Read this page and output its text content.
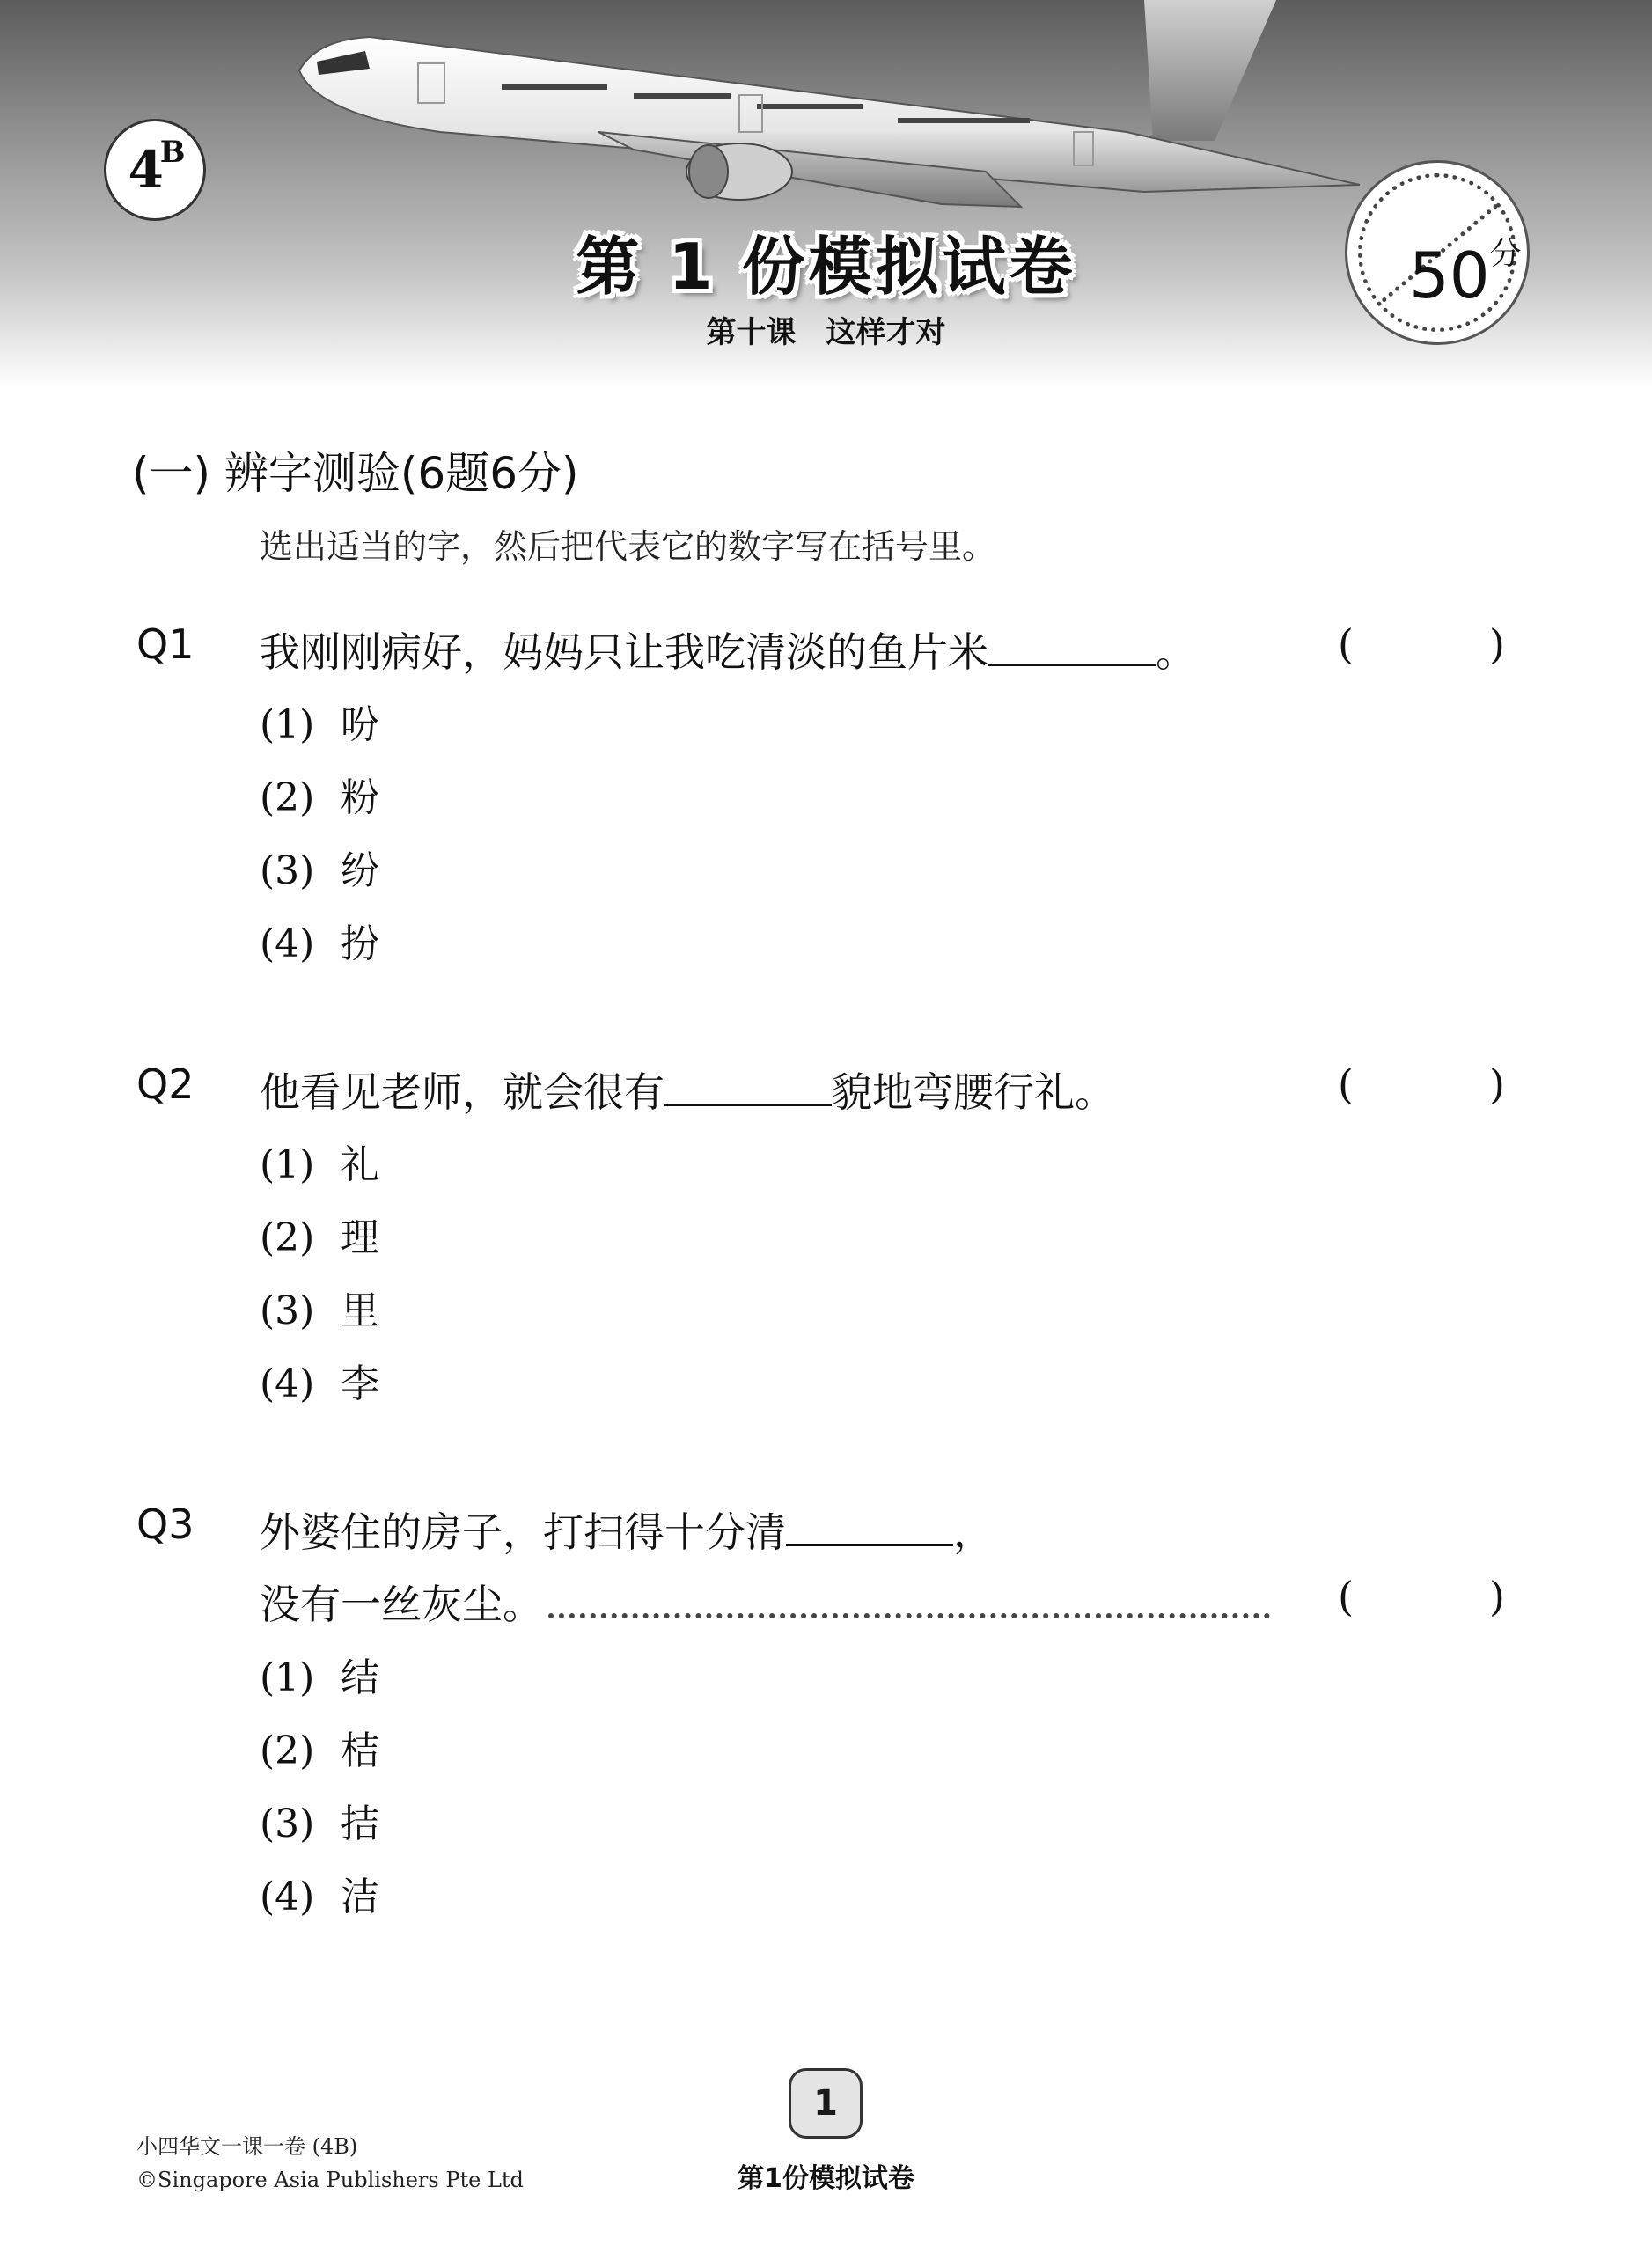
$4^B$
第 1 份模拟试卷
第十课　这样才对
$50^分$
(一) 辨字测验(6题6分)
选出适当的字，然后把代表它的数字写在括号里。
Q1 我刚刚病好，妈妈只让我吃清淡的鱼片米	。	(	)
(1) 吩
(2) 粉
(3) 纷
(4) 扮
Q2 他看见老师，就会很有	貌地弯腰行礼。	(	)
(1) 礼
(2) 理
(3) 里
(4) 李
Q3 外婆住的房子，打扫得十分清	，
没有一丝灰尘。	(	)
(1) 结
(2) 桔
(3) 拮
(4) 洁
1
第1份模拟试卷
小四华文一课一卷 (4B)
©Singapore Asia Publishers Pte Ltd
